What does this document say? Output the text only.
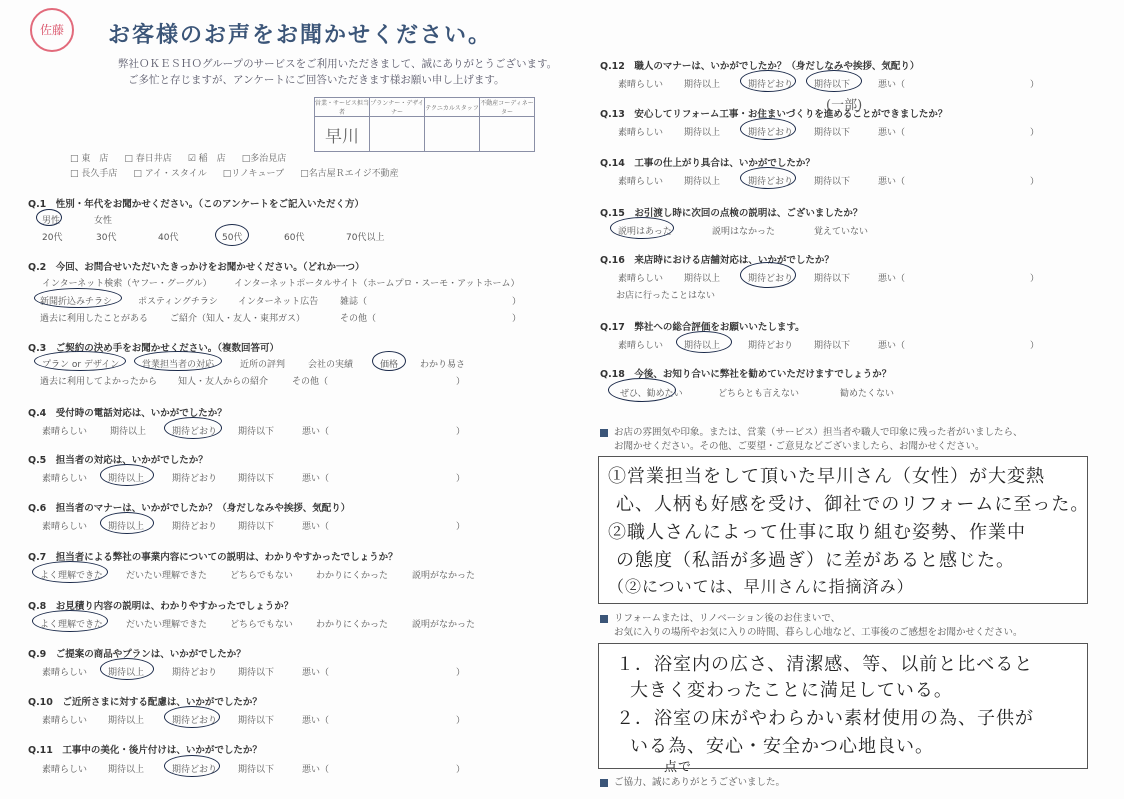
佐藤	お客様のお声をお聞かせください。
弊社ＯＫＥＳＨＯグループのサービスをご利用いただきまして、誠にありがとうございます。
ご多忙と存じますが、アンケートにご回答いただきます様お願い申し上げます。
営業・サービス担当者	プランナー・デザイナー	テクニカルスタッフ	不動産コーディネーター
早川			
□ 東　店 □ 春日井店 ☑ 稲　店 □多治見店
□ 長久手店 □ アイ・スタイル □リノキューブ □名古屋Ｒエイジ不動産
Q.1　性別・年代をお聞かせください。（このアンケートをご記入いただく方）
男性	女性
20代	30代	40代	50代	60代	70代以上
Q.2　今回、お問合せいただいたきっかけをお聞かせください。（どれか一つ）
インターネット検索（ヤフー・グーグル） インターネットポータルサイト（ホームプロ・スーモ・アットホーム）
新聞折込みチラシ	ポスティングチラシ インターネット広告 雑誌（	）
過去に利用したことがある ご紹介（知人・友人・東邦ガス）	その他（	）
Q.3　ご契約の決め手をお聞かせください。（複数回答可）
プラン or デザイン	営業担当者の対応	近所の評判	会社の実績	価格 わかり易さ
過去に利用してよかったから 知人・友人からの紹介	その他（	）
Q.4　受付時の電話対応は、いかがでしたか？
素晴らしい	期待以上	期待どおり 期待以下	悪い（	）
Q.5　担当者の対応は、いかがでしたか？
素晴らしい 期待以上	期待どおり 期待以下	悪い（	）
Q.6　担当者のマナーは、いかがでしたか？（身だしなみや挨拶、気配り）
素晴らしい 期待以上	期待どおり 期待以下	悪い（	）
Q.7　担当者による弊社の事業内容についての説明は、わかりやすかったでしょうか？
よく理解できた	だいたい理解できた	どちらでもない	わかりにくかった	説明がなかった
Q.8　お見積り内容の説明は、わかりやすかったでしょうか？
よく理解できた	だいたい理解できた	どちらでもない	わかりにくかった	説明がなかった
Q.9　ご提案の商品やプランは、いかがでしたか？
素晴らしい 期待以上	期待どおり 期待以下	悪い（	）
Q.10　ご近所さまに対する配慮は、いかがでしたか？
素晴らしい 期待以上	期待どおり 期待以下	悪い（	）
Q.11　工事中の美化・後片付けは、いかがでしたか？
素晴らしい 期待以上	期待どおり 期待以下	悪い（	）
Q.12　職人のマナーは、いかがでしたか？（身だしなみや挨拶、気配り）
素晴らしい 期待以上	期待どおり 期待以下	悪い（	）
Q.13　安心してリフォーム工事・お住まいづくりを進めることができましたか？
(一部)
素晴らしい 期待以上	期待どおり 期待以下	悪い（	）
Q.14　工事の仕上がり具合は、いかがでしたか？
素晴らしい 期待以上	期待どおり 期待以下	悪い（	）
Q.15　お引渡し時に次回の点検の説明は、ございましたか？
説明はあった	説明はなかった	覚えていない
Q.16　来店時における店舗対応は、いかがでしたか？
素晴らしい 期待以上	期待どおり 期待以下	悪い（	）
お店に行ったことはない
Q.17　弊社への総合評価をお願いいたします。
素晴らしい 期待以上	期待どおり 期待以下	悪い（	）
Q.18　今後、お知り合いに弊社を勧めていただけますでしょうか？
ぜひ、勧めたい	どちらとも言えない	勧めたくない
お店の雰囲気や印象。または、営業（サービス）担当者や職人で印象に残った者がいましたら、
お聞かせください。その他、ご要望・ご意見などございましたら、お聞かせください。
①営業担当をして頂いた早川さん（女性）が大変熱
心、人柄も好感を受け、御社でのリフォームに至った。
②職人さんによって仕事に取り組む姿勢、作業中
の態度（私語が多過ぎ）に差があると感じた。
（②については、早川さんに指摘済み）
リフォームまたは、リノベーション後のお住まいで、
お気に入りの場所やお気に入りの時間、暮らし心地など、工事後のご感想をお聞かせください。
１．浴室内の広さ、清潔感、等、以前と比べると
大きく変わったことに満足している。
２．浴室の床がやわらかい素材使用の為、子供が
いる為、安心・安全かつ心地良い。
点で
ご協力、誠にありがとうございました。
